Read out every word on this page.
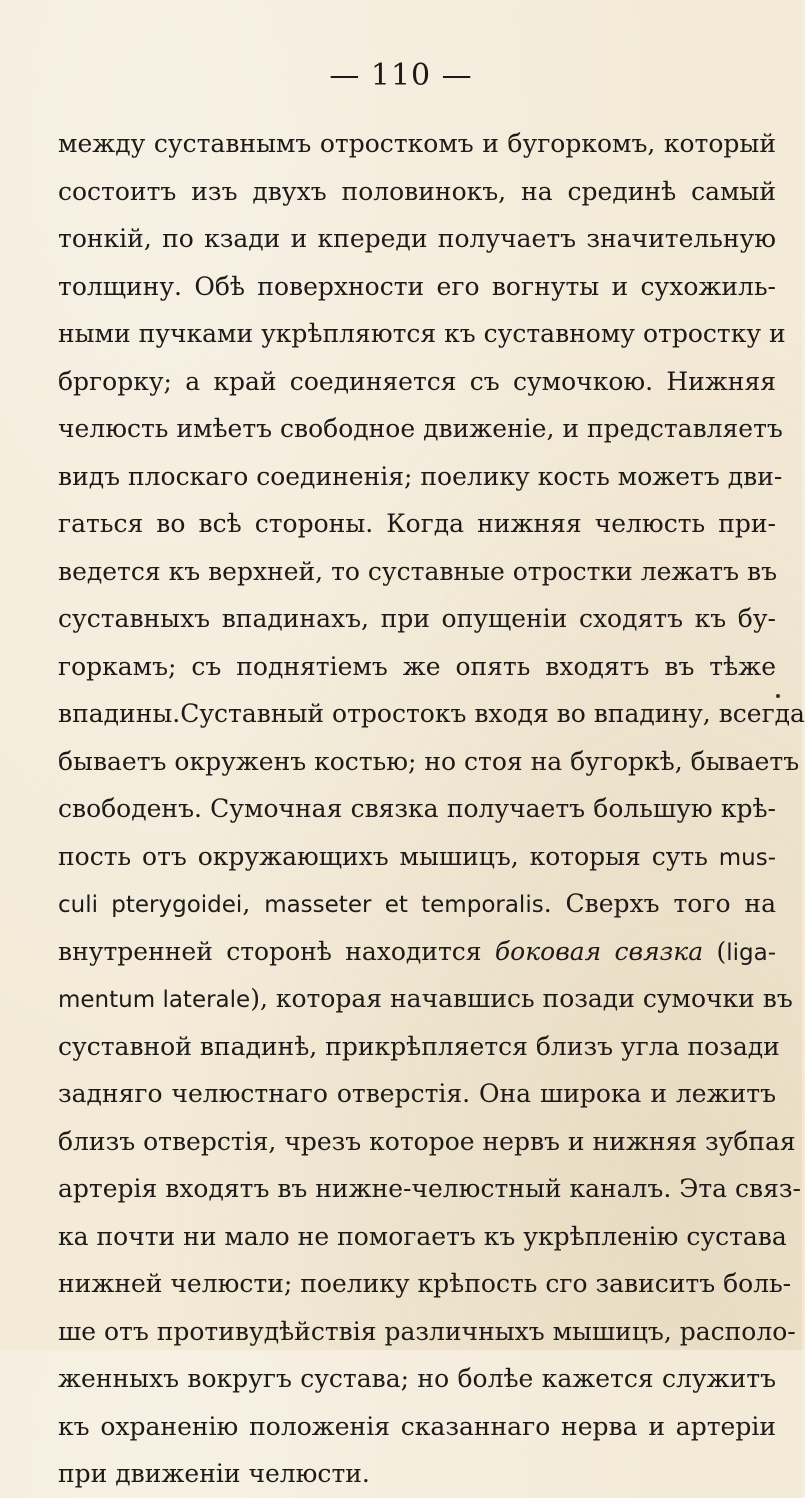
— 110 —
между суставнымъ отросткомъ и бугоркомъ, который
состоитъ изъ двухъ половинокъ, на срединѣ самый
тонкій, по кзади и кпереди получаетъ значительную
толщину. Обѣ поверхности его вогнуты и сухожиль-
ными пучками укрѣпляются къ суставному отростку и
бргорку; а край соединяется съ сумочкою. Нижняя
челюсть имѣетъ свободное движеніе, и представляетъ
видъ плоскаго соединенія; поелику кость можетъ дви-
гаться во всѣ стороны. Когда нижняя челюсть при-
ведется къ верхней, то суставные отростки лежатъ въ
суставныхъ впадинахъ, при опущеніи сходятъ къ бу-
горкамъ; съ поднятіемъ же опять входятъ въ тѣже
впадины.Суставный отростокъ входя во впадину, всегда
бываетъ окруженъ костью; но стоя на бугоркѣ, бываетъ
свободенъ. Сумочная связка получаетъ большую крѣ-
пость отъ окружающихъ мышицъ, которыя суть mus-
culi pterygoidei, masseter et temporalis. Сверхъ того на
внутренней сторонѣ находится боковая связка (liga-
mentum laterale), которая начавшись позади сумочки въ
суставной впадинѣ, прикрѣпляется близъ угла позади
задняго челюстнаго отверстія. Она широка и лежитъ
близъ отверстія, чрезъ которое нервъ и нижняя зубпая
артерія входятъ въ нижне-челюстный каналъ. Эта связ-
ка почти ни мало не помогаетъ къ укрѣпленію сустава
нижней челюсти; поелику крѣпость сго зависитъ боль-
ше отъ противудѣйствія различныхъ мышицъ, располо-
женныхъ вокругъ сустава; но болѣе кажется служитъ
къ охраненію положенія сказаннаго нерва и артеріи
при движеніи челюсти.
